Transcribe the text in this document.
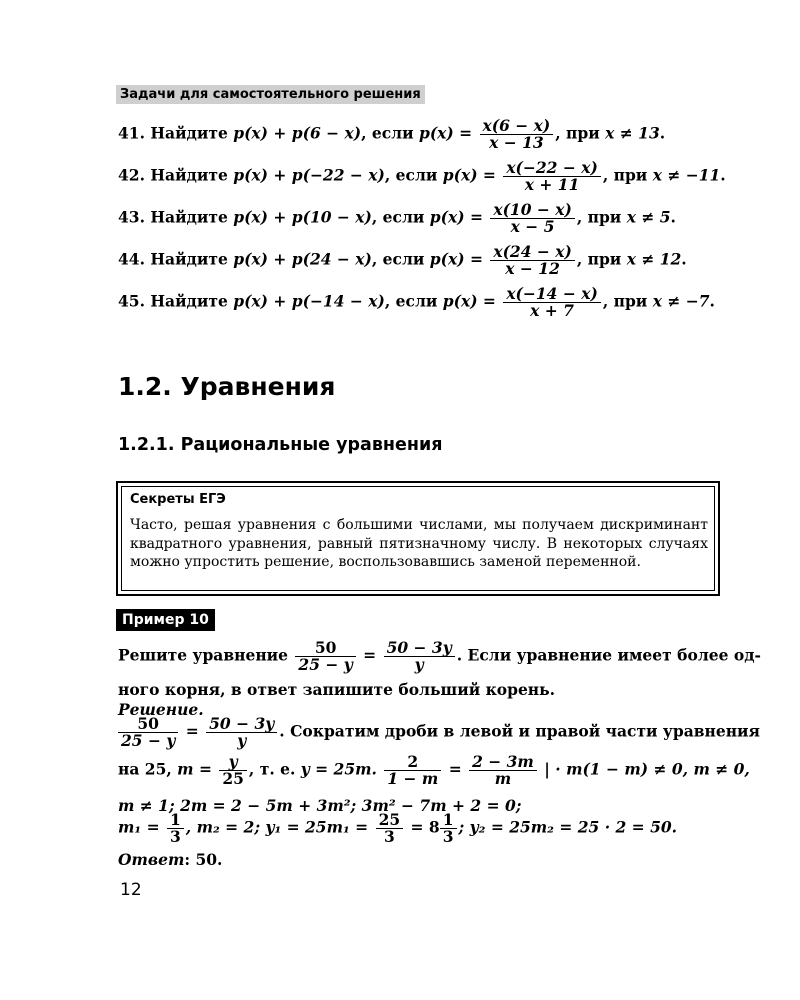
Задачи для самостоятельного решения
41. Найдите p(x) + p(6 − x), если $p(x) = \frac{x(6 - x)}{x - 13}$ , при x ≠ 13.
42. Найдите p(x) + p(−22 − x), если $p(x) = \frac{x(-22 - x)}{x + 11}$ , при x ≠ −11.
43. Найдите p(x) + p(10 − x), если $p(x) = \frac{x(10 - x)}{x - 5}$ , при x ≠ 5.
44. Найдите p(x) + p(24 − x), если $p(x) = \frac{x(24 - x)}{x - 12}$ , при x ≠ 12.
45. Найдите p(x) + p(−14 − x), если $p(x) = \frac{x(-14 - x)}{x + 7}$ , при x ≠ −7.
1.2. Уравнения
1.2.1. Рациональные уравнения
Секреты ЕГЭ
Часто, решая уравнения с большими числами, мы получаем дискриминант квадратного уравнения, равный пятизначному числу. В некоторых случаях можно упростить решение, воспользовавшись заменой переменной.
Пример 10
Решите уравнение $\frac{50}{25 - y} = \frac{50 - 3y}{y}$ . Если уравнение имеет более од-
ного корня, в ответ запишите больший корень.
Решение.
$\frac{50}{25 - y} = \frac{50 - 3y}{y}$ . Сократим дроби в левой и правой части уравнения
на 25, $m = \frac{y}{25}$ , т. е. y = 25m. $\frac{2}{1 - m} = \frac{2 - 3m}{m}$ | · m(1 − m) ≠ 0, m ≠ 0,
m ≠ 1; 2m = 2 − 5m + 3m²; 3m² − 7m + 2 = 0;
$m_1 = \frac{1}{3}$ , m₂ = 2; $y_1 = 25m_1 = \frac{25}{3} = 8 \frac{1}{3}$ ; y₂ = 25m₂ = 25 · 2 = 50.
Ответ: 50.
12
